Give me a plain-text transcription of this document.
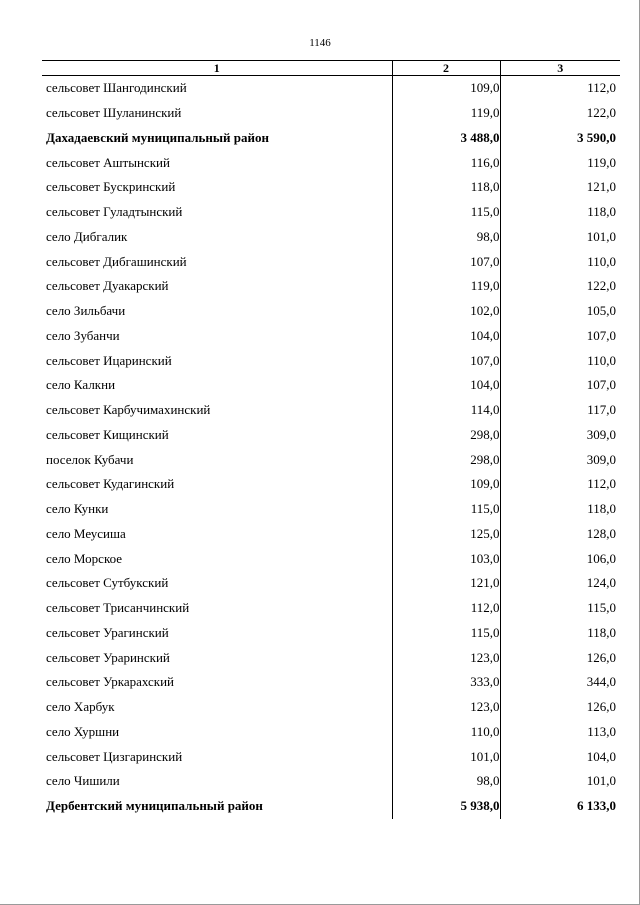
1146
1	2	3
сельсовет Шангодинский	109,0	112,0
сельсовет Шуланинский	119,0	122,0
Дахадаевский муниципальный район	3 488,0	3 590,0
сельсовет Аштынский	116,0	119,0
сельсовет Бускринский	118,0	121,0
сельсовет Гуладтынский	115,0	118,0
село Дибгалик	98,0	101,0
сельсовет Дибгашинский	107,0	110,0
сельсовет Дуакарский	119,0	122,0
село Зильбачи	102,0	105,0
село Зубанчи	104,0	107,0
сельсовет Ицаринский	107,0	110,0
село Калкни	104,0	107,0
сельсовет Карбучимахинский	114,0	117,0
сельсовет Кищинский	298,0	309,0
поселок Кубачи	298,0	309,0
сельсовет Кудагинский	109,0	112,0
село Кунки	115,0	118,0
село Меусиша	125,0	128,0
село Морское	103,0	106,0
сельсовет Сутбукский	121,0	124,0
сельсовет Трисанчинский	112,0	115,0
сельсовет Урагинский	115,0	118,0
сельсовет Ураринский	123,0	126,0
сельсовет Уркарахский	333,0	344,0
село Харбук	123,0	126,0
село Хуршни	110,0	113,0
сельсовет Цизгаринский	101,0	104,0
село Чишили	98,0	101,0
Дербентский муниципальный район	5 938,0	6 133,0
